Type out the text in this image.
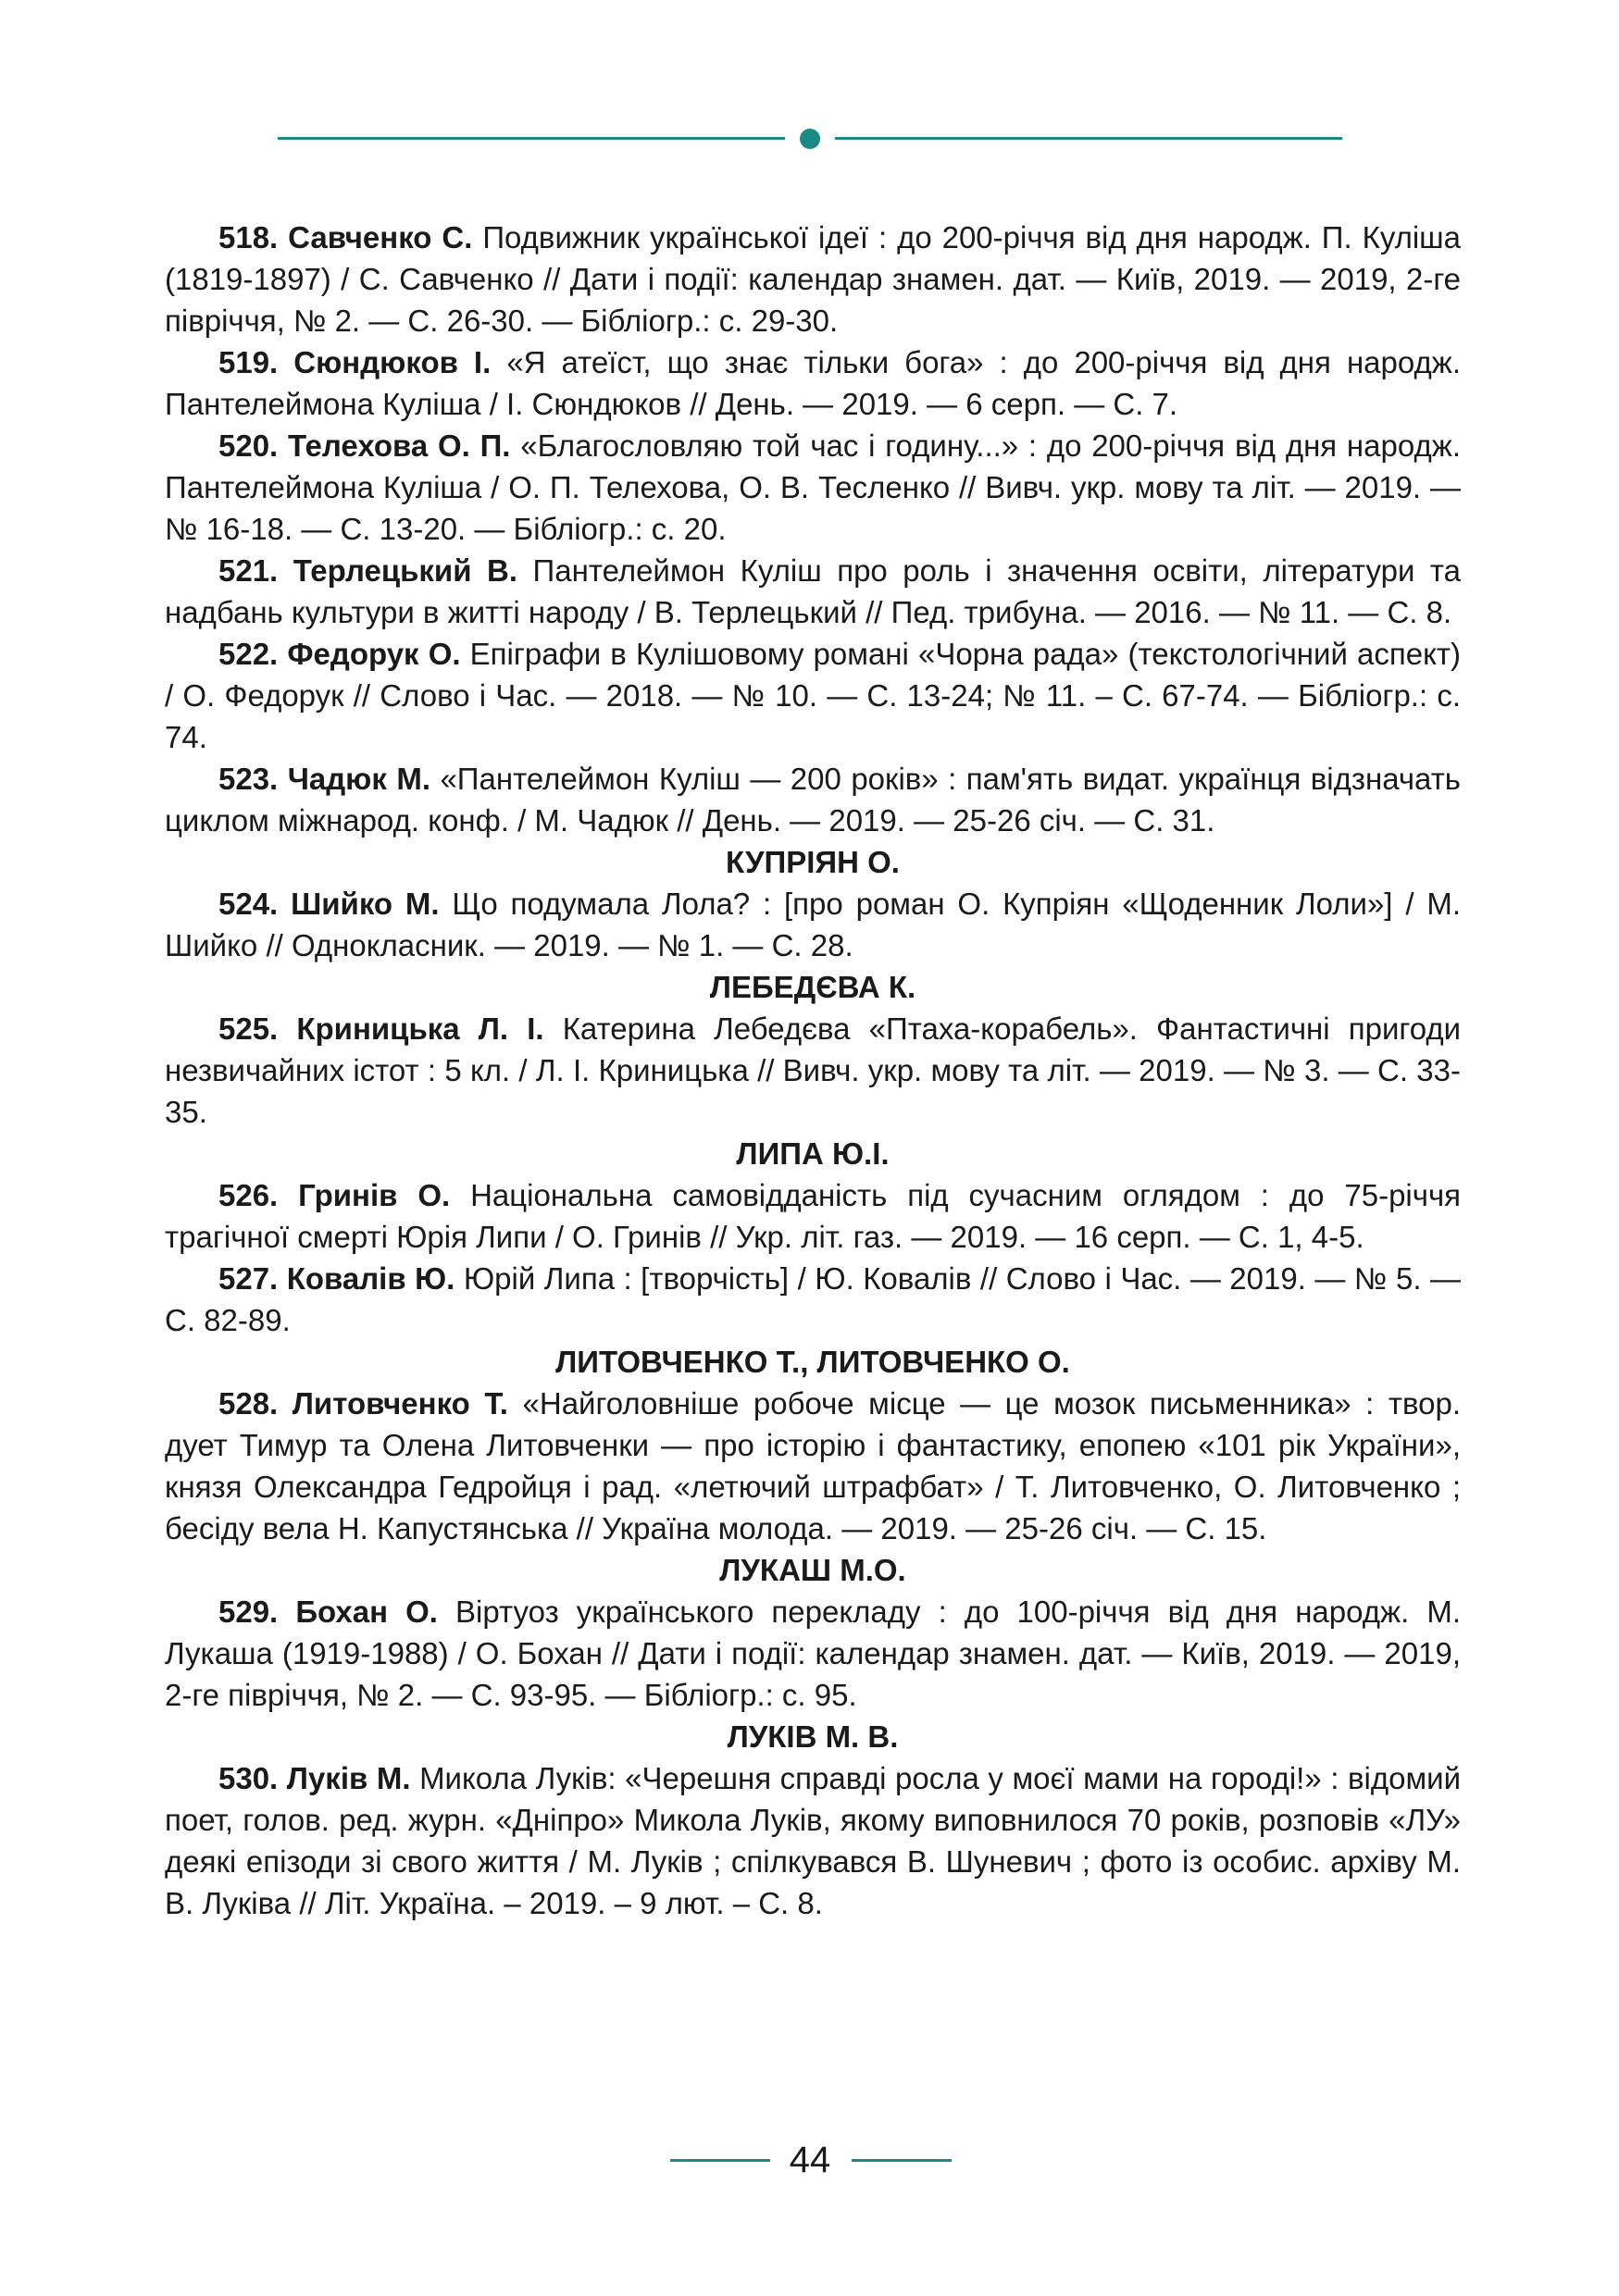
518. Савченко С. Подвижник української ідеї : до 200-річчя від дня народж. П. Куліша (1819-1897) / С. Савченко // Дати і події: календар знамен. дат. — Київ, 2019. — 2019, 2-ге півріччя, № 2. — С. 26-30. — Бібліогр.: с. 29-30.

519. Сюндюков І. «Я атеїст, що знає тільки бога» : до 200-річчя від дня народж. Пантелеймона Куліша / І. Сюндюков // День. — 2019. — 6 серп. — С. 7.

520. Телехова О. П. «Благословляю той час і годину...» : до 200-річчя від дня народж. Пантелеймона Куліша / О. П. Телехова, О. В. Тесленко // Вивч. укр. мову та літ. — 2019. — № 16-18. — С. 13-20. — Бібліогр.: с. 20.

521. Терлецький В. Пантелеймон Куліш про роль і значення освіти, літератури та надбань культури в житті народу / В. Терлецький // Пед. трибуна. — 2016. — № 11. — С. 8.

522. Федорук О. Епіграфи в Кулішовому романі «Чорна рада» (текстологічний аспект) / О. Федорук // Слово і Час. — 2018. — № 10. — С. 13-24; № 11. – С. 67-74. — Бібліогр.: с. 74.

523. Чадюк М. «Пантелеймон Куліш — 200 років» : пам'ять видат. українця відзначать циклом міжнарод. конф. / М. Чадюк // День. — 2019. — 25-26 січ. — С. 31.

КУПРІЯН О.

524. Шийко М. Що подумала Лола? : [про роман О. Купріян «Щоденник Лоли»] / М. Шийко // Однокласник. — 2019. — № 1. — С. 28.

ЛЕБЕДЄВА К.

525. Криницька Л. І. Катерина Лебедєва «Птаха-корабель». Фантастичні пригоди незвичайних істот : 5 кл. / Л. І. Криницька // Вивч. укр. мову та літ. — 2019. — № 3. — С. 33-35.

ЛИПА Ю.І.

526. Гринів О. Національна самовідданість під сучасним оглядом : до 75-річчя трагічної смерті Юрія Липи / О. Гринів // Укр. літ. газ. — 2019. — 16 серп. — С. 1, 4-5.

527. Ковалів Ю. Юрій Липа : [творчість] / Ю. Ковалів // Слово і Час. — 2019. — № 5. — С. 82-89.

ЛИТОВЧЕНКО Т., ЛИТОВЧЕНКО О.

528. Литовченко Т. «Найголовніше робоче місце — це мозок письменника» : твор. дует Тимур та Олена Литовченки — про історію і фантастику, епопею «101 рік України», князя Олександра Гедройця і рад. «летючий штрафбат» / Т. Литовченко, О. Литовченко ; бесіду вела Н. Капустянська // Україна молода. — 2019. — 25-26 січ. — С. 15.

ЛУКАШ М.О.

529. Бохан О. Віртуоз українського перекладу : до 100-річчя від дня народж. М. Лукаша (1919-1988) / О. Бохан // Дати і події: календар знамен. дат. — Київ, 2019. — 2019, 2-ге півріччя, № 2. — С. 93-95. — Бібліогр.: с. 95.

ЛУКІВ М. В.

530. Луків М. Микола Луків: «Черешня справді росла у моєї мами на городі!» : відомий поет, голов. ред. журн. «Дніпро» Микола Луків, якому виповнилося 70 років, розповів «ЛУ» деякі епізоди зі свого життя / М. Луків ; спілкувався В. Шуневич ; фото із особис. архіву М. В. Луківа // Літ. Україна. – 2019. – 9 лют. – С. 8.

44
